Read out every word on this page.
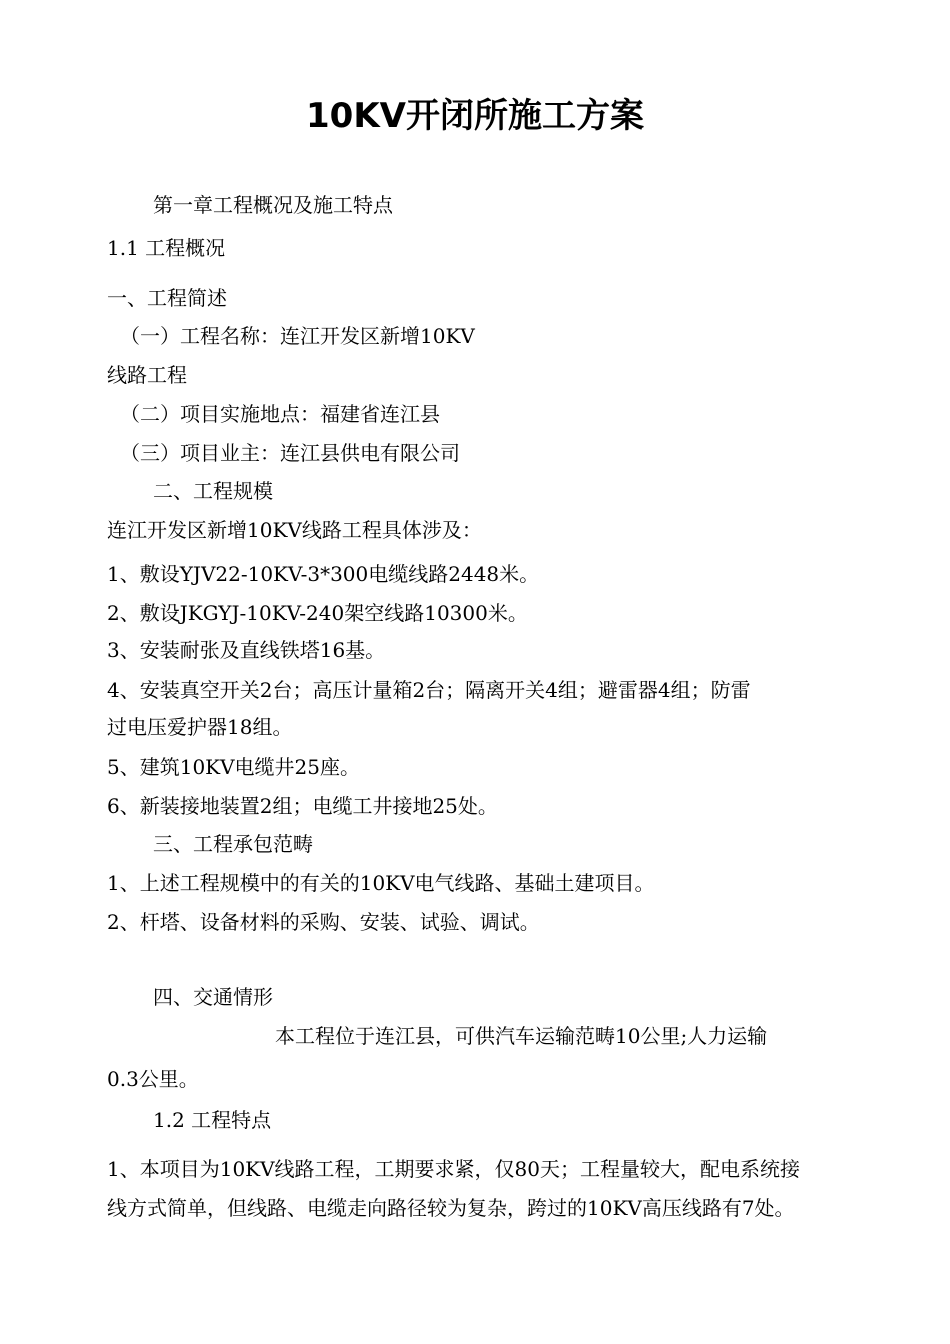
10KV开闭所施工方案
第一章工程概况及施工特点
1.1 工程概况
一、工程简述
（一）工程名称：连江开发区新增10KV
线路工程
（二）项目实施地点：福建省连江县
（三）项目业主：连江县供电有限公司
二、工程规模
连江开发区新增10KV线路工程具体涉及：
1、敷设YJV22-10KV-3*300电缆线路2448米。
2、敷设JKGYJ-10KV-240架空线路10300米。
3、安装耐张及直线铁塔16基。
4、安装真空开关2台；高压计量箱2台；隔离开关4组；避雷器4组；防雷
过电压爱护器18组。
5、建筑10KV电缆井25座。
6、新装接地装置2组；电缆工井接地25处。
三、工程承包范畴
1、上述工程规模中的有关的10KV电气线路、基础土建项目。
2、杆塔、设备材料的采购、安装、试验、调试。
四、交通情形
本工程位于连江县，可供汽车运输范畴10公里;人力运输
0.3公里。
1.2 工程特点
1、本项目为10KV线路工程，工期要求紧，仅80天；工程量较大，配电系统接
线方式简单，但线路、电缆走向路径较为复杂，跨过的10KV高压线路有7处。
